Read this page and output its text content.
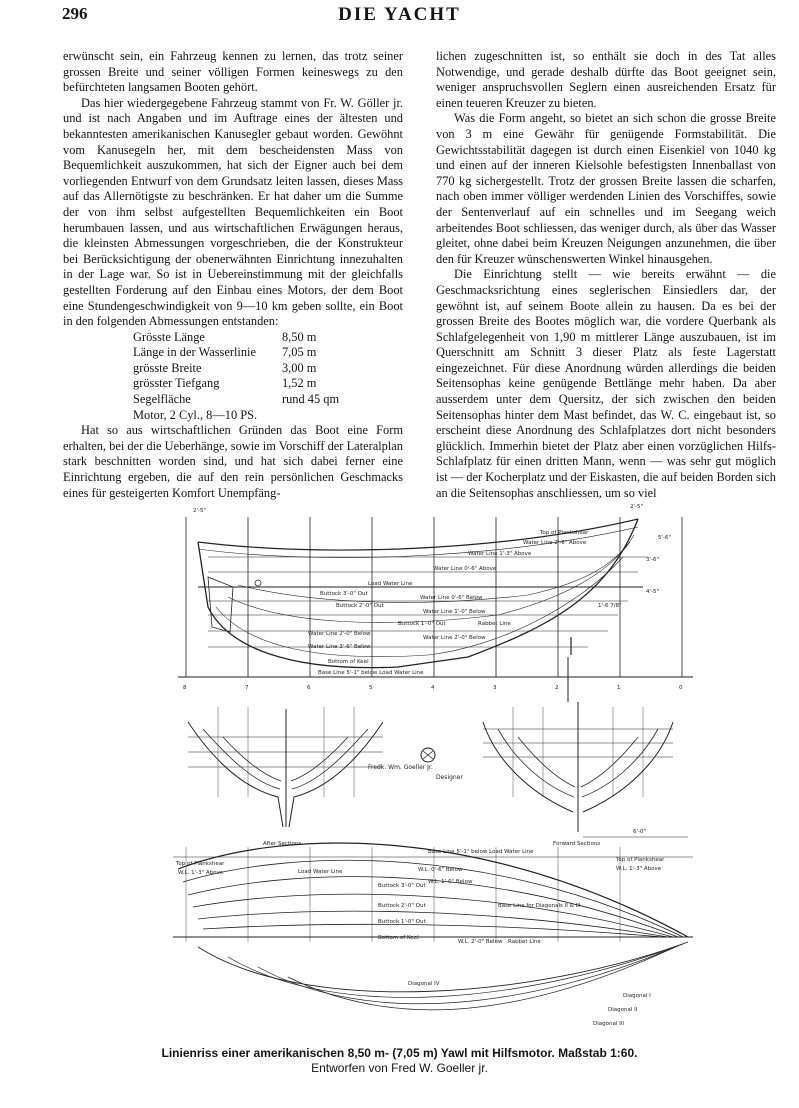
296	DIE YACHT

erwünscht sein, ein Fahrzeug kennen zu lernen, das trotz seiner grossen Breite und seiner völligen Formen keineswegs zu den befürchteten langsamen Booten gehört.

Das hier wiedergegebene Fahrzeug stammt von Fr. W. Göller jr. und ist nach Angaben und im Auftrage eines der ältesten und bekanntesten amerikanischen Kanusegler gebaut worden. Gewöhnt vom Kanusegeln her, mit dem bescheidensten Mass von Bequemlichkeit auszukommen, hat sich der Eigner auch bei dem vorliegenden Entwurf von dem Grundsatz leiten lassen, dieses Mass auf das Allernötigste zu beschränken. Er hat daher um die Summe der von ihm selbst aufgestellten Bequemlichkeiten ein Boot herumbauen lassen, und aus wirtschaftlichen Erwägungen heraus, die kleinsten Abmessungen vorgeschrieben, die der Konstrukteur bei Berücksichtigung der obenerwähnten Einrichtung innezuhalten in der Lage war. So ist in Uebereinstimmung mit der gleichfalls gestellten Forderung auf den Einbau eines Motors, der dem Boot eine Stundengeschwindigkeit von 9—10 km geben sollte, ein Boot in den folgenden Abmessungen entstanden:

Grösste Länge	8,50 m
Länge in der Wasserlinie	7,05 m
grösste Breite	3,00 m
grösster Tiefgang	1,52 m
Segelfläche	rund 45 qm
Motor, 2 Cyl., 8—10 PS.	

Hat so aus wirtschaftlichen Gründen das Boot eine Form erhalten, bei der die Ueberhänge, sowie im Vorschiff der Lateralplan stark beschnitten worden sind, und hat sich dabei ferner eine Einrichtung ergeben, die auf den rein persönlichen Geschmacks eines für gesteigerten Komfort Unempfäng-

lichen zugeschnitten ist, so enthält sie doch in des Tat alles Notwendige, und gerade deshalb dürfte das Boot geeignet sein, weniger anspruchsvollen Seglern einen ausreichenden Ersatz für einen teueren Kreuzer zu bieten.

Was die Form angeht, so bietet an sich schon die grosse Breite von 3 m eine Gewähr für genügende Formstabilität. Die Gewichtsstabilität dagegen ist durch einen Eisenkiel von 1040 kg und einen auf der inneren Kielsohle befestigsten Innenballast von 770 kg sichergestellt. Trotz der grossen Breite lassen die scharfen, nach oben immer völliger werdenden Linien des Vorschiffes, sowie der Sentenverlauf auf ein schnelles und im Seegang weich arbeitendes Boot schliessen, das weniger durch, als über das Wasser gleitet, ohne dabei beim Kreuzen Neigungen anzunehmen, die über den für Kreuzer wünschenswerten Winkel hinausgehen.

Die Einrichtung stellt — wie bereits erwähnt — die Geschmacksrichtung eines seglerischen Einsiedlers dar, der gewöhnt ist, auf seinem Boote allein zu hausen. Da es bei der grossen Breite des Bootes möglich war, die vordere Querbank als Schlafgelegenheit von 1,90 m mittlerer Länge auszubauen, ist im Querschnitt am Schnitt 3 dieser Platz als feste Lagerstatt eingezeichnet. Für diese Anordnung würden allerdings die beiden Seitensophas keine genügende Bettlänge mehr haben. Da aber ausserdem unter dem Quersitz, der sich zwischen den beiden Seitensophas hinter dem Mast befindet, das W. C. eingebaut ist, so erscheint diese Anordnung des Schlafplatzes dort nicht besonders glücklich. Immerhin bietet der Platz aber einen vorzüglichen Hilfs-Schlafplatz für einen dritten Mann, wenn — was sehr gut möglich ist — der Kocherplatz und der Eiskasten, die auf beiden Borden sich an die Seitensophas anschliessen, um so viel

Top of Plankshear
Water Line 2'-6" Above
Water Line 1'-3" Above
Water Line 0'-6" Above
Load Water Line
Water Line 0'-6" Below
Water Line 1'-0" Below
Buttock 3'-0" Out
Buttock 2'-0" Out
Buttock 1'-0" Out	Rabbet Line
Water Line 2'-0" Below
Water Line 2'-0" Below
Water Line 3'-6" Below
Bottom of Keel
Base Line 5'-1" below Load Water Line
2'-5"
2'-5"
5'-6"
3'-6"
1'-6 7/8"
4'-5"
8	7	6	5	4	3	2	1	0
Fredk. Wm. Goeller Jr.
Designer
After Sections	Forward Sections
6'-0"
Base Line 5'-1" below Load Water Line
Top of Plankshear
W.L. 1'-3" Above
Top of Plankshear
W.L. 1'-3" Above
Load Water Line
Buttock 3'-0" Out
Buttock 2'-0" Out
Buttock 1'-0" Out
W.L. 0'-6" Below
W.L. 1'-0" Below
W.L. 2'-0" Below Rabbet Line
Bottom of Keel
Base Line for Diagonals II & III
Diagonal IV
Diagonal I
Diagonal II
Diagonal III
Linienriss einer amerikanischen 8,50 m- (7,05 m) Yawl mit Hilfsmotor. Maßstab 1:60.
Entworfen von Fred W. Goeller jr.
